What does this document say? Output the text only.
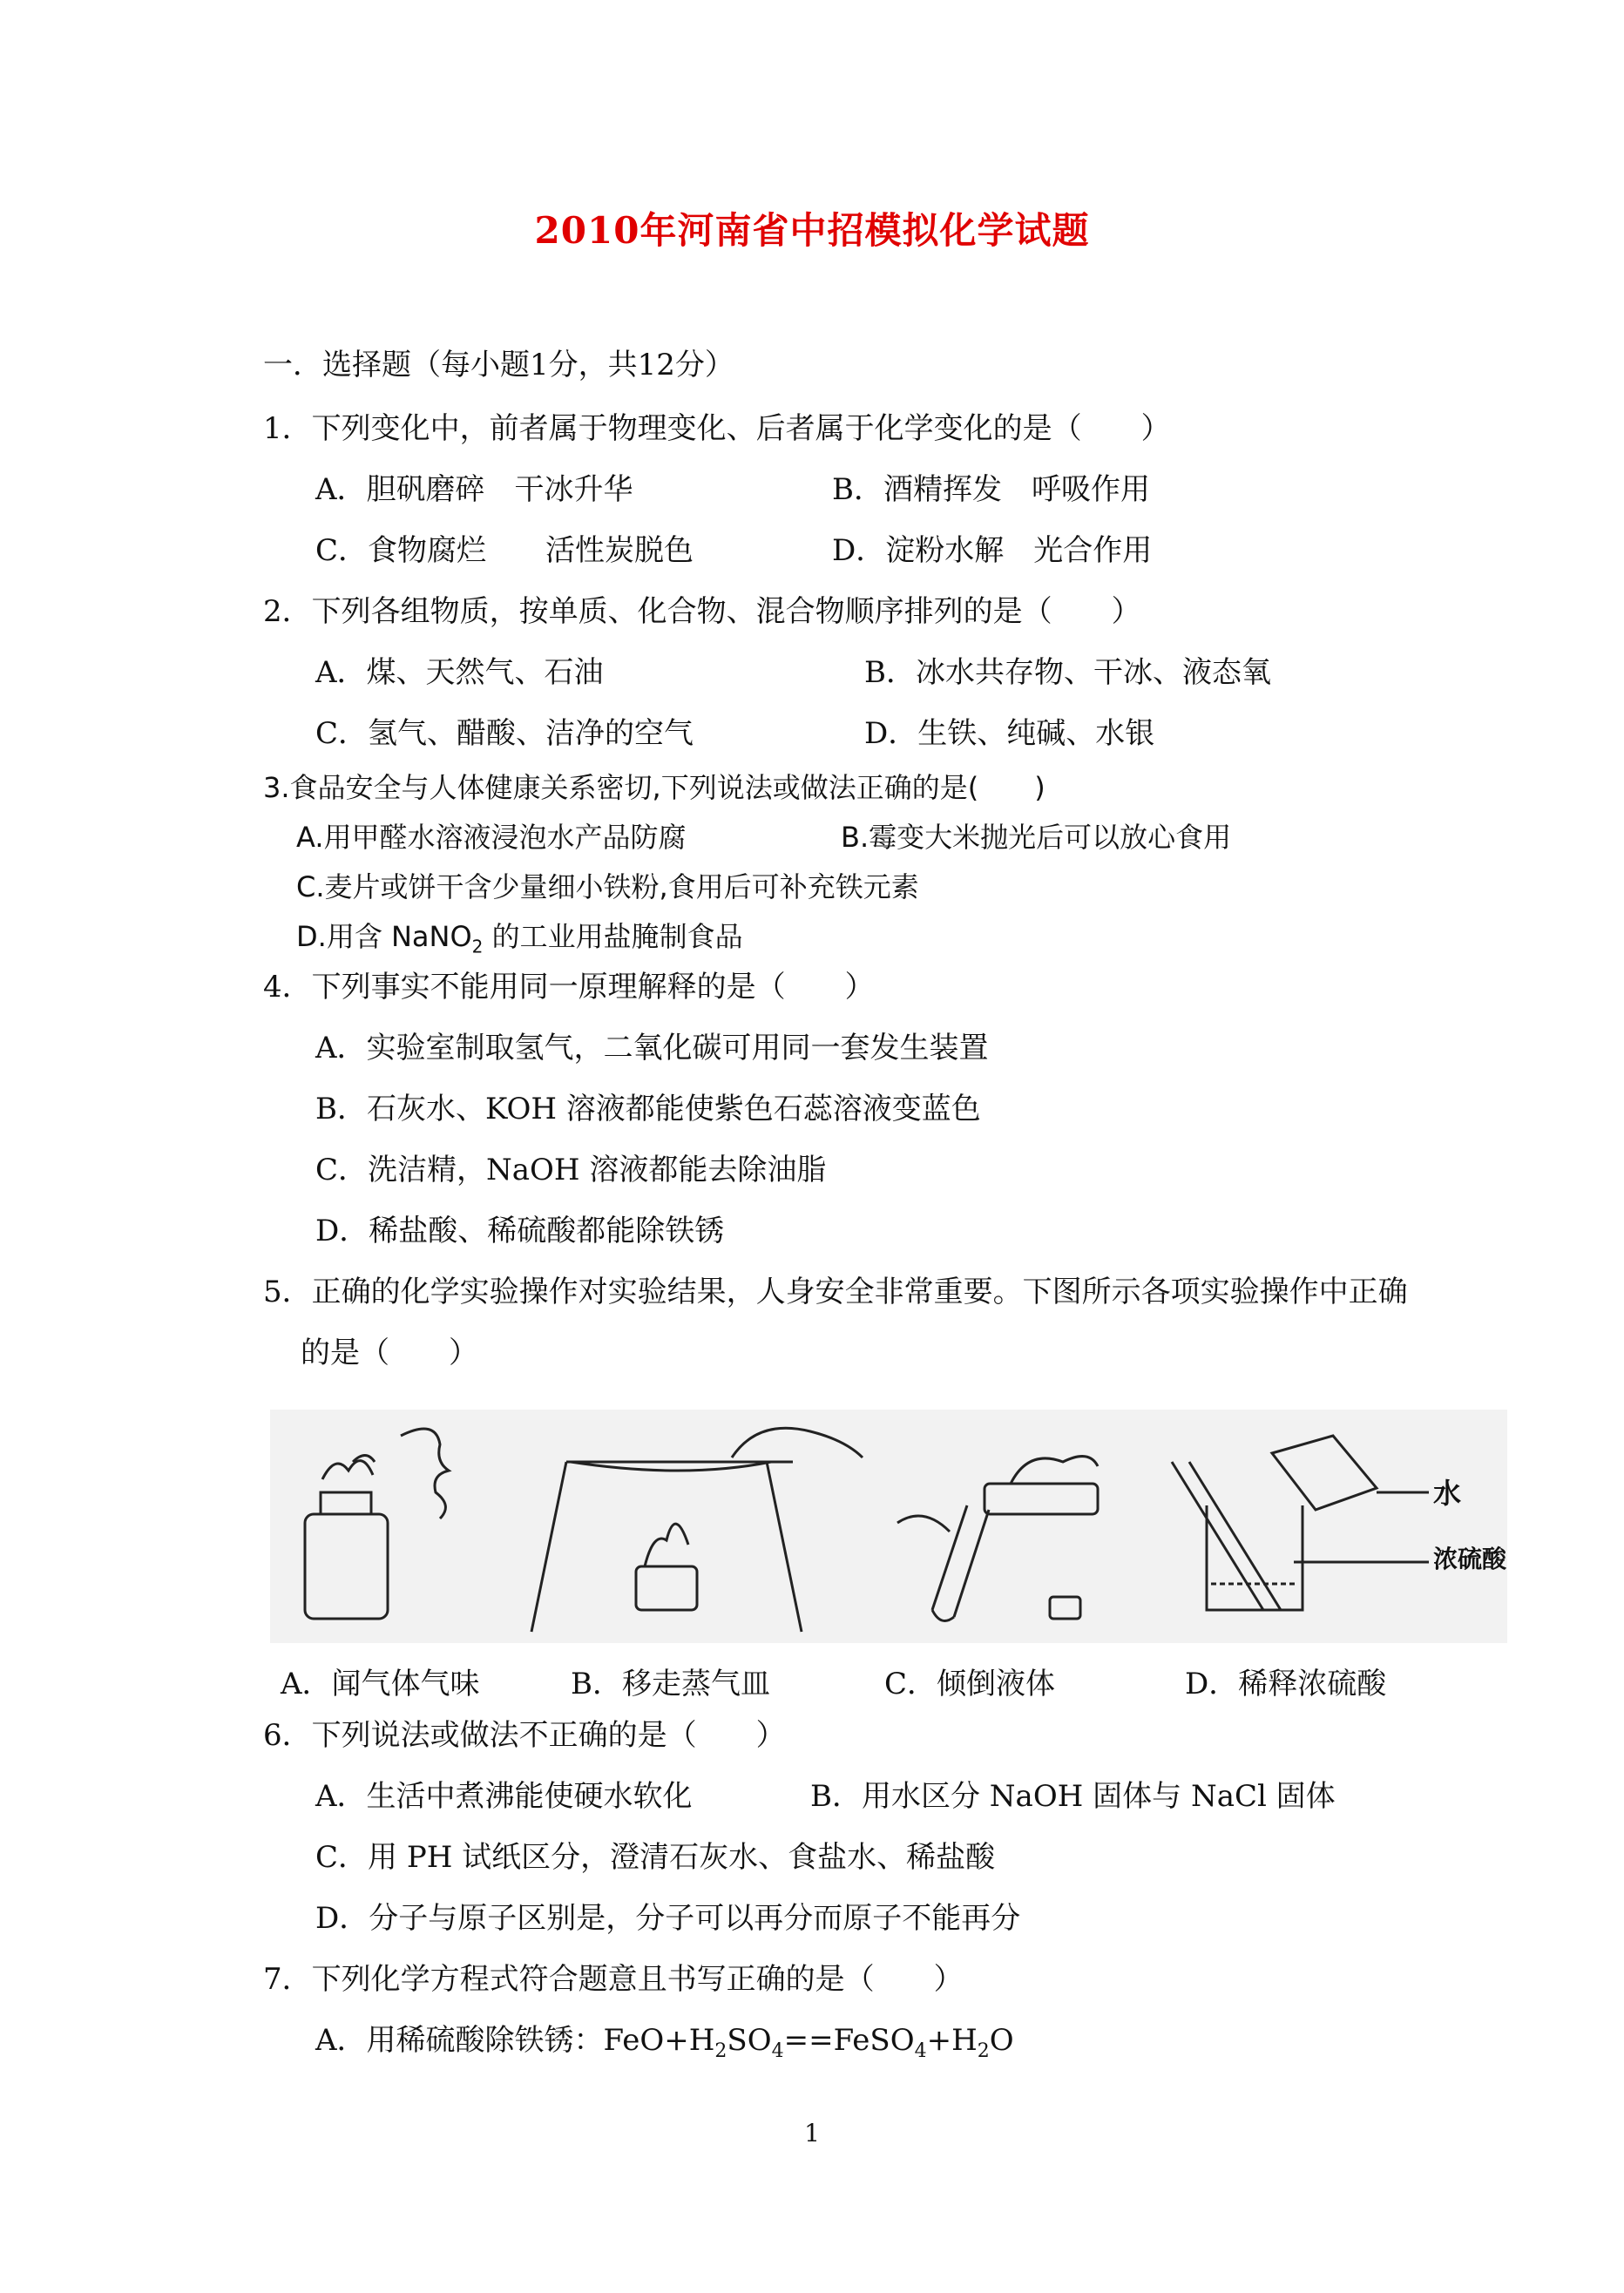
2010年河南省中招模拟化学试题
一．选择题（每小题1分，共12分）
1．下列变化中，前者属于物理变化、后者属于化学变化的是（　　）
A．胆矾磨碎　干冰升华	B．酒精挥发　呼吸作用
C．食物腐烂　　活性炭脱色	D．淀粉水解　光合作用
2．下列各组物质，按单质、化合物、混合物顺序排列的是（　　）
A．煤、天然气、石油	B．冰水共存物、干冰、液态氧
C．氢气、醋酸、洁净的空气	D．生铁、纯碱、水银
3.食品安全与人体健康关系密切,下列说法或做法正确的是(　　)
A.用甲醛水溶液浸泡水产品防腐	B.霉变大米抛光后可以放心食用
C.麦片或饼干含少量细小铁粉,食用后可补充铁元素
D.用含 NaNO$_2$ 的工业用盐腌制食品
4．下列事实不能用同一原理解释的是（　　）
A．实验室制取氢气，二氧化碳可用同一套发生装置
B．石灰水、KOH 溶液都能使紫色石蕊溶液变蓝色
C．洗洁精，NaOH 溶液都能去除油脂
D．稀盐酸、稀硫酸都能除铁锈
5．正确的化学实验操作对实验结果，人身安全非常重要。下图所示各项实验操作中正确
的是（　　）
水
浓硫酸
A．闻气体气味	B．移走蒸气皿	C．倾倒液体	D．稀释浓硫酸
6．下列说法或做法不正确的是（　　）
A．生活中煮沸能使硬水软化	B．用水区分 NaOH 固体与 NaCl 固体
C．用 PH 试纸区分，澄清石灰水、食盐水、稀盐酸
D．分子与原子区别是，分子可以再分而原子不能再分
7．下列化学方程式符合题意且书写正确的是（　　）
A．用稀硫酸除铁锈：$FeO+H_2SO_4==FeSO_4+H_2O$
1
